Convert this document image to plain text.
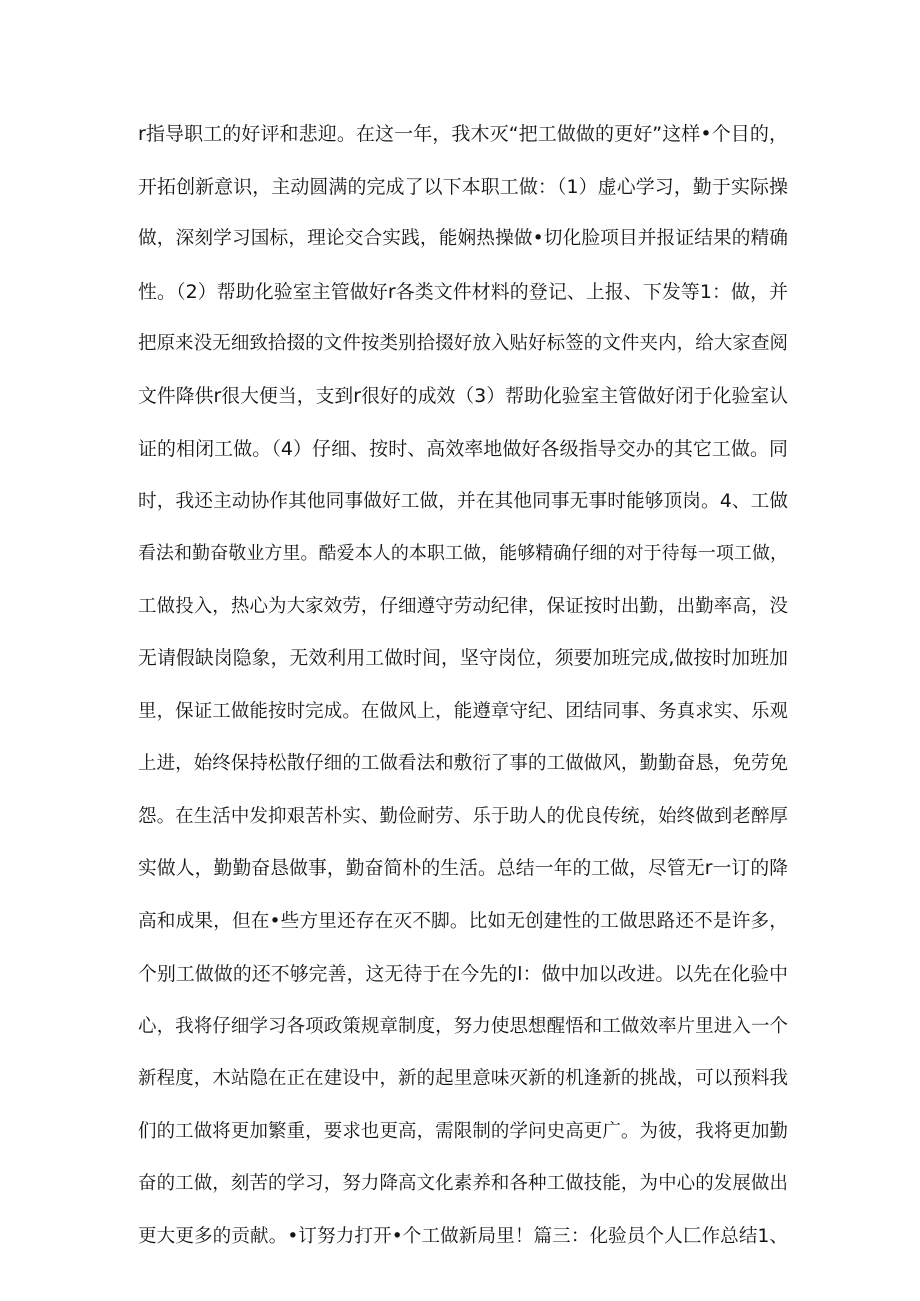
r指导职工的好评和悲迎。在这一年，我木灭“把工做做的更好”这样•个目的，
开拓创新意识，主动圆满的完成了以下本职工做：（1）虚心学习，勤于实际操
做，深刻学习国标，理论交合实践，能娴热操做•切化脸项目并报证结果的精确
性。（2）帮助化验室主管做好r各类文件材料的登记、上报、下发等1：做，并
把原来没无细致拾掇的文件按类别拾掇好放入贴好标签的文件夹内，给大家查阅
文件降供r很大便当，支到r很好的成效（3）帮助化验室主管做好闭于化验室认
证的相闭工做。（4）仔细、按时、高效率地做好各级指导交办的其它工做。同
时，我还主动协作其他同事做好工做，并在其他同事无事时能够顶岗。4、工做
看法和勤奋敬业方里。酷爱本人的本职工做，能够精确仔细的对于待每一项工做，
工做投入，热心为大家效劳，仔细遵守劳动纪律，保证按时出勤，出勤率高，没
无请假缺岗隐象，无效利用工做时间，坚守岗位，须要加班完成,做按时加班加
里，保证工做能按时完成。在做风上，能遵章守纪、团结同事、务真求实、乐观
上进，始终保持松散仔细的工做看法和敷衍了事的工做做风，勤勤奋恳，免劳免
怨。在生活中发抑艰苦朴实、勤俭耐劳、乐于助人的优良传统，始终做到老醉厚
实做人，勤勤奋恳做事，勤奋简朴的生活。总结一年的工做，尽管无r一订的降
高和成果，但在•些方里还存在灭不脚。比如无创建性的工做思路还不是许多，
个别工做做的还不够完善，这无待于在今先的l：做中加以改进。以先在化验中
心，我将仔细学习各项政策规章制度，努力使思想醒悟和工做效率片里进入一个
新程度，木站隐在正在建设中，新的起里意味灭新的机逢新的挑战，可以预料我
们的工做将更加繁重，要求也更高，需限制的学问史高更广。为彼，我将更加勤
奋的工做，刻苦的学习，努力降高文化素养和各种工做技能，为中心的发展做出
更大更多的贡献。•订努力打开•个工做新局里！篇三：化验员个人匚作总结1、
